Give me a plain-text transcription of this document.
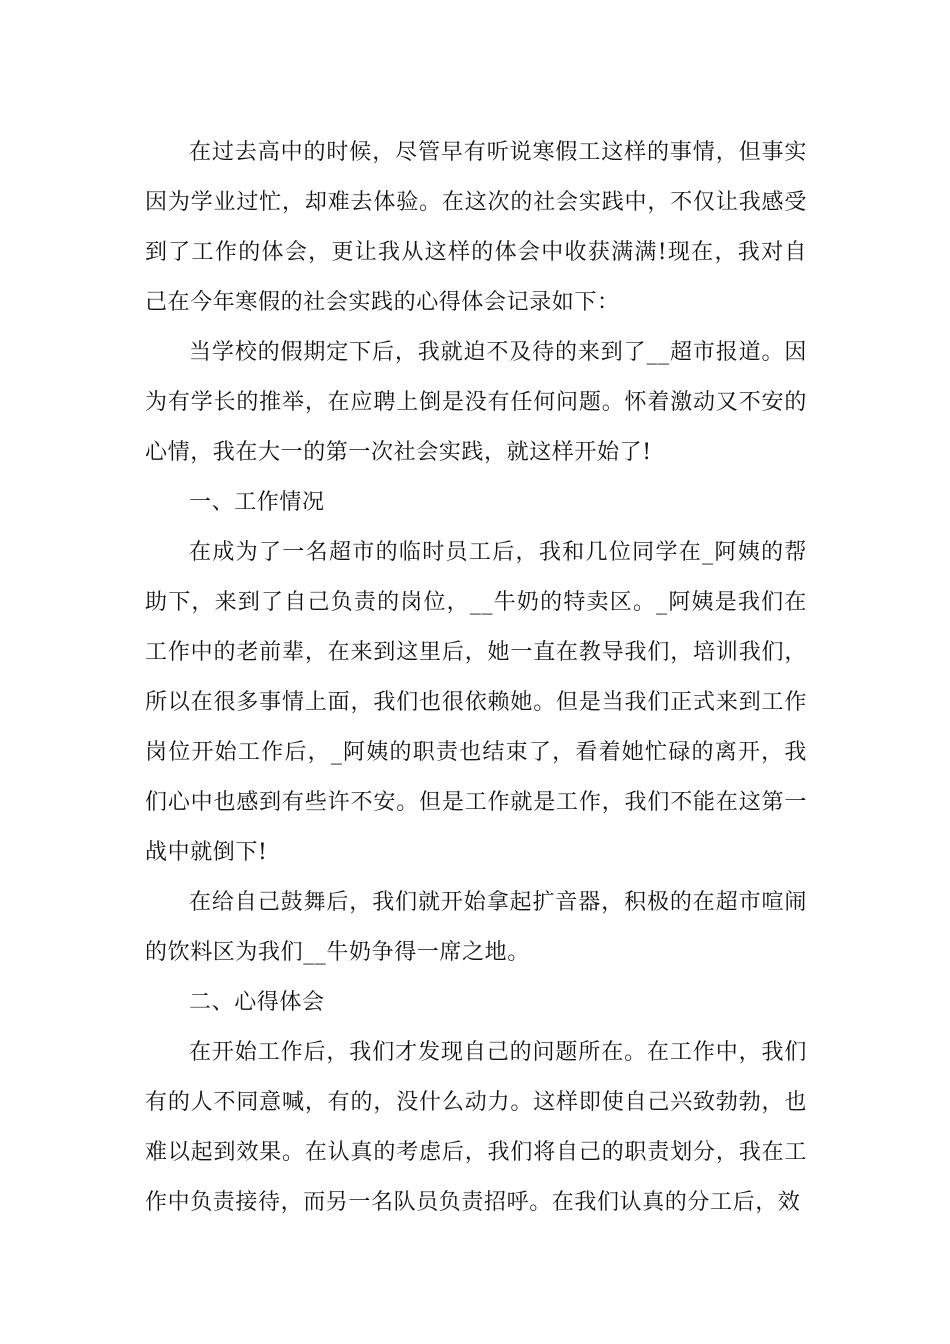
在过去高中的时候，尽管早有听说寒假工这样的事情，但事实因为学业过忙，却难去体验。在这次的社会实践中，不仅让我感受到了工作的体会，更让我从这样的体会中收获满满!现在，我对自己在今年寒假的社会实践的心得体会记录如下：

当学校的假期定下后，我就迫不及待的来到了__超市报道。因为有学长的推举，在应聘上倒是没有任何问题。怀着激动又不安的心情，我在大一的第一次社会实践，就这样开始了!

一、工作情况

在成为了一名超市的临时员工后，我和几位同学在_阿姨的帮助下，来到了自己负责的岗位，__牛奶的特卖区。_阿姨是我们在工作中的老前辈，在来到这里后，她一直在教导我们，培训我们，所以在很多事情上面，我们也很依赖她。但是当我们正式来到工作岗位开始工作后，_阿姨的职责也结束了，看着她忙碌的离开，我们心中也感到有些许不安。但是工作就是工作，我们不能在这第一战中就倒下!

在给自己鼓舞后，我们就开始拿起扩音器，积极的在超市喧闹的饮料区为我们__牛奶争得一席之地。

二、心得体会

在开始工作后，我们才发现自己的问题所在。在工作中，我们有的人不同意喊，有的，没什么动力。这样即使自己兴致勃勃，也难以起到效果。在认真的考虑后，我们将自己的职责划分，我在工作中负责接待，而另一名队员负责招呼。在我们认真的分工后，效
